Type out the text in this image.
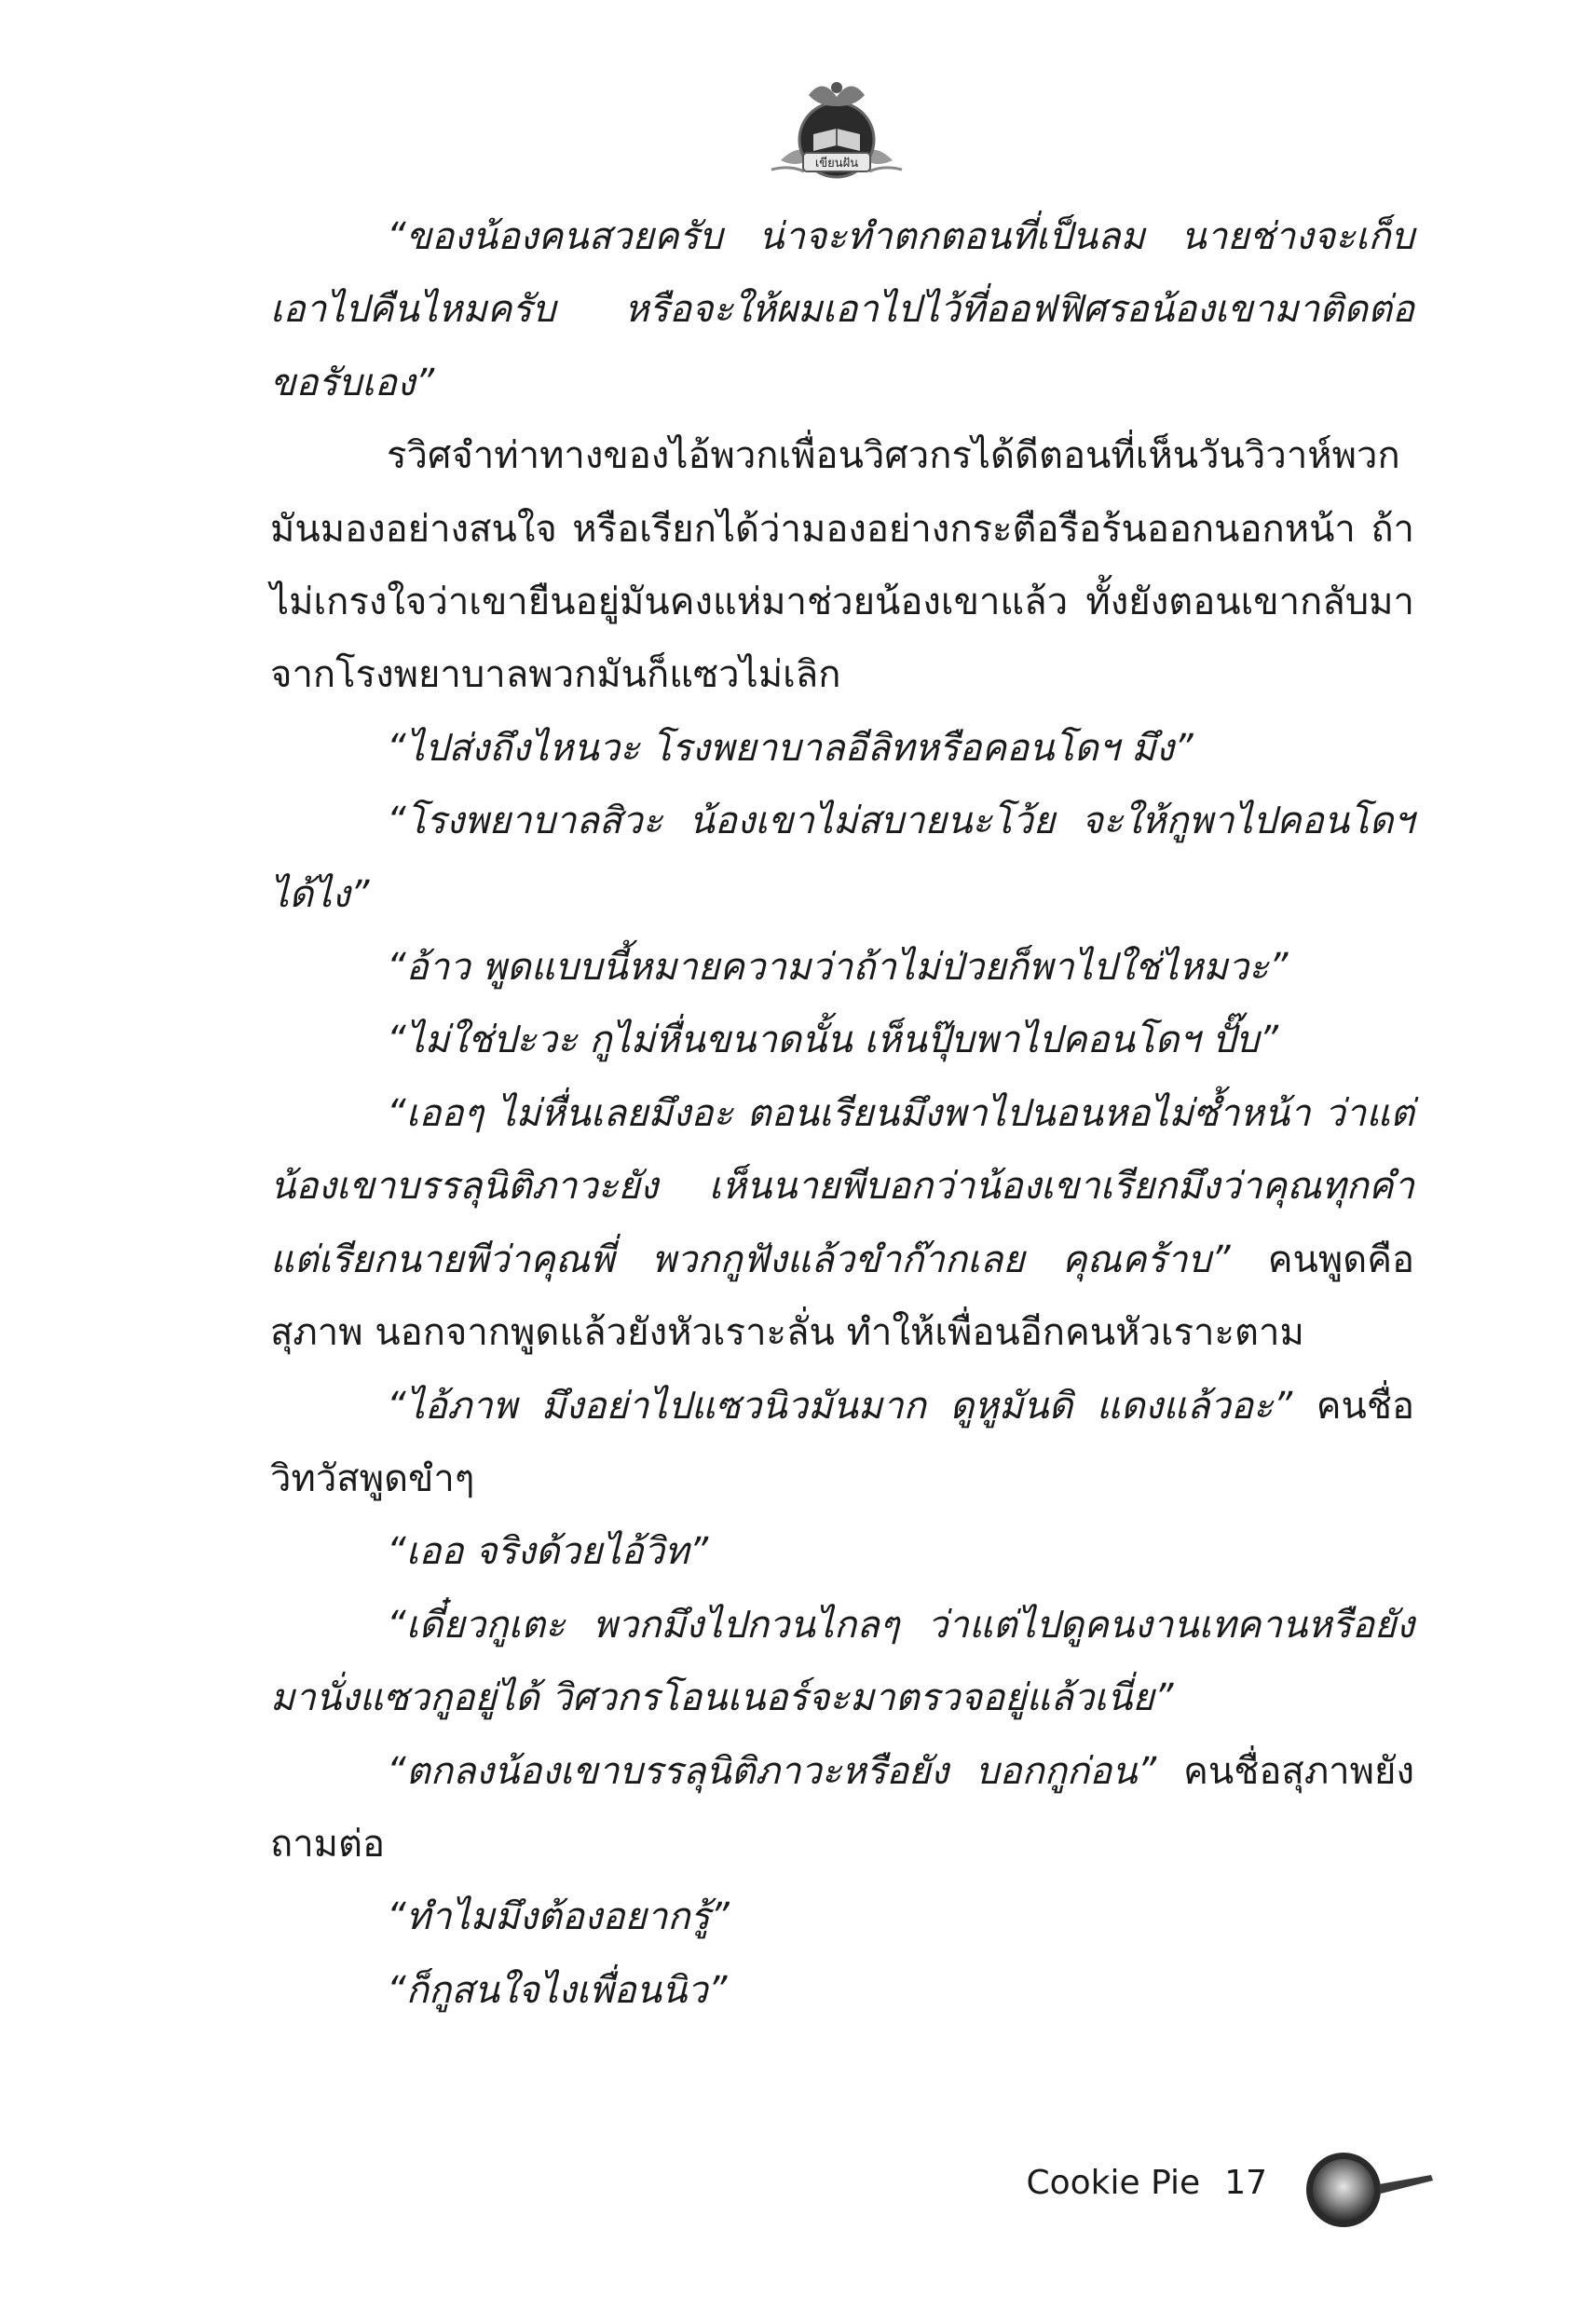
เขียนฝัน

“ของน้องคนสวยครับ น่าจะทำตกตอนที่เป็นลม นายช่างจะเก็บเอาไปคืนไหมครับ หรือจะให้ผมเอาไปไว้ที่ออฟฟิศรอน้องเขามาติดต่อขอรับเอง”

รวิศจำท่าทางของไอ้พวกเพื่อนวิศวกรได้ดีตอนที่เห็นวันวิวาห์พวกมันมองอย่างสนใจ หรือเรียกได้ว่ามองอย่างกระตือรือร้นออกนอกหน้า ถ้าไม่เกรงใจว่าเขายืนอยู่มันคงแห่มาช่วยน้องเขาแล้ว ทั้งยังตอนเขากลับมาจากโรงพยาบาลพวกมันก็แซวไม่เลิก

“ไปส่งถึงไหนวะ โรงพยาบาลอีลิทหรือคอนโดฯ มึง”

“โรงพยาบาลสิวะ น้องเขาไม่สบายนะโว้ย จะให้กูพาไปคอนโดฯ ได้ไง”

“อ้าว พูดแบบนี้หมายความว่าถ้าไม่ป่วยก็พาไปใช่ไหมวะ”

“ไม่ใช่ปะวะ กูไม่หื่นขนาดนั้น เห็นปุ๊บพาไปคอนโดฯ ปั๊บ”

“เออๆ ไม่หื่นเลยมึงอะ ตอนเรียนมึงพาไปนอนหอไม่ซ้ำหน้า ว่าแต่น้องเขาบรรลุนิติภาวะยัง เห็นนายพีบอกว่าน้องเขาเรียกมึงว่าคุณทุกคำ แต่เรียกนายพีว่าคุณพี่ พวกกูฟังแล้วขำก๊ากเลย คุณคร้าบ” คนพูดคือสุภาพ นอกจากพูดแล้วยังหัวเราะลั่น ทำให้เพื่อนอีกคนหัวเราะตาม

“ไอ้ภาพ มึงอย่าไปแซวนิวมันมาก ดูหูมันดิ แดงแล้วอะ” คนชื่อวิทวัสพูดขำๆ

“เออ จริงด้วยไอ้วิท”

“เดี๋ยวกูเตะ พวกมึงไปกวนไกลๆ ว่าแต่ไปดูคนงานเทคานหรือยัง มานั่งแซวกูอยู่ได้ วิศวกรโอนเนอร์จะมาตรวจอยู่แล้วเนี่ย”

“ตกลงน้องเขาบรรลุนิติภาวะหรือยัง บอกกูก่อน” คนชื่อสุภาพยังถามต่อ

“ทำไมมึงต้องอยากรู้”

“ก็กูสนใจไงเพื่อนนิว”

Cookie Pie 17
